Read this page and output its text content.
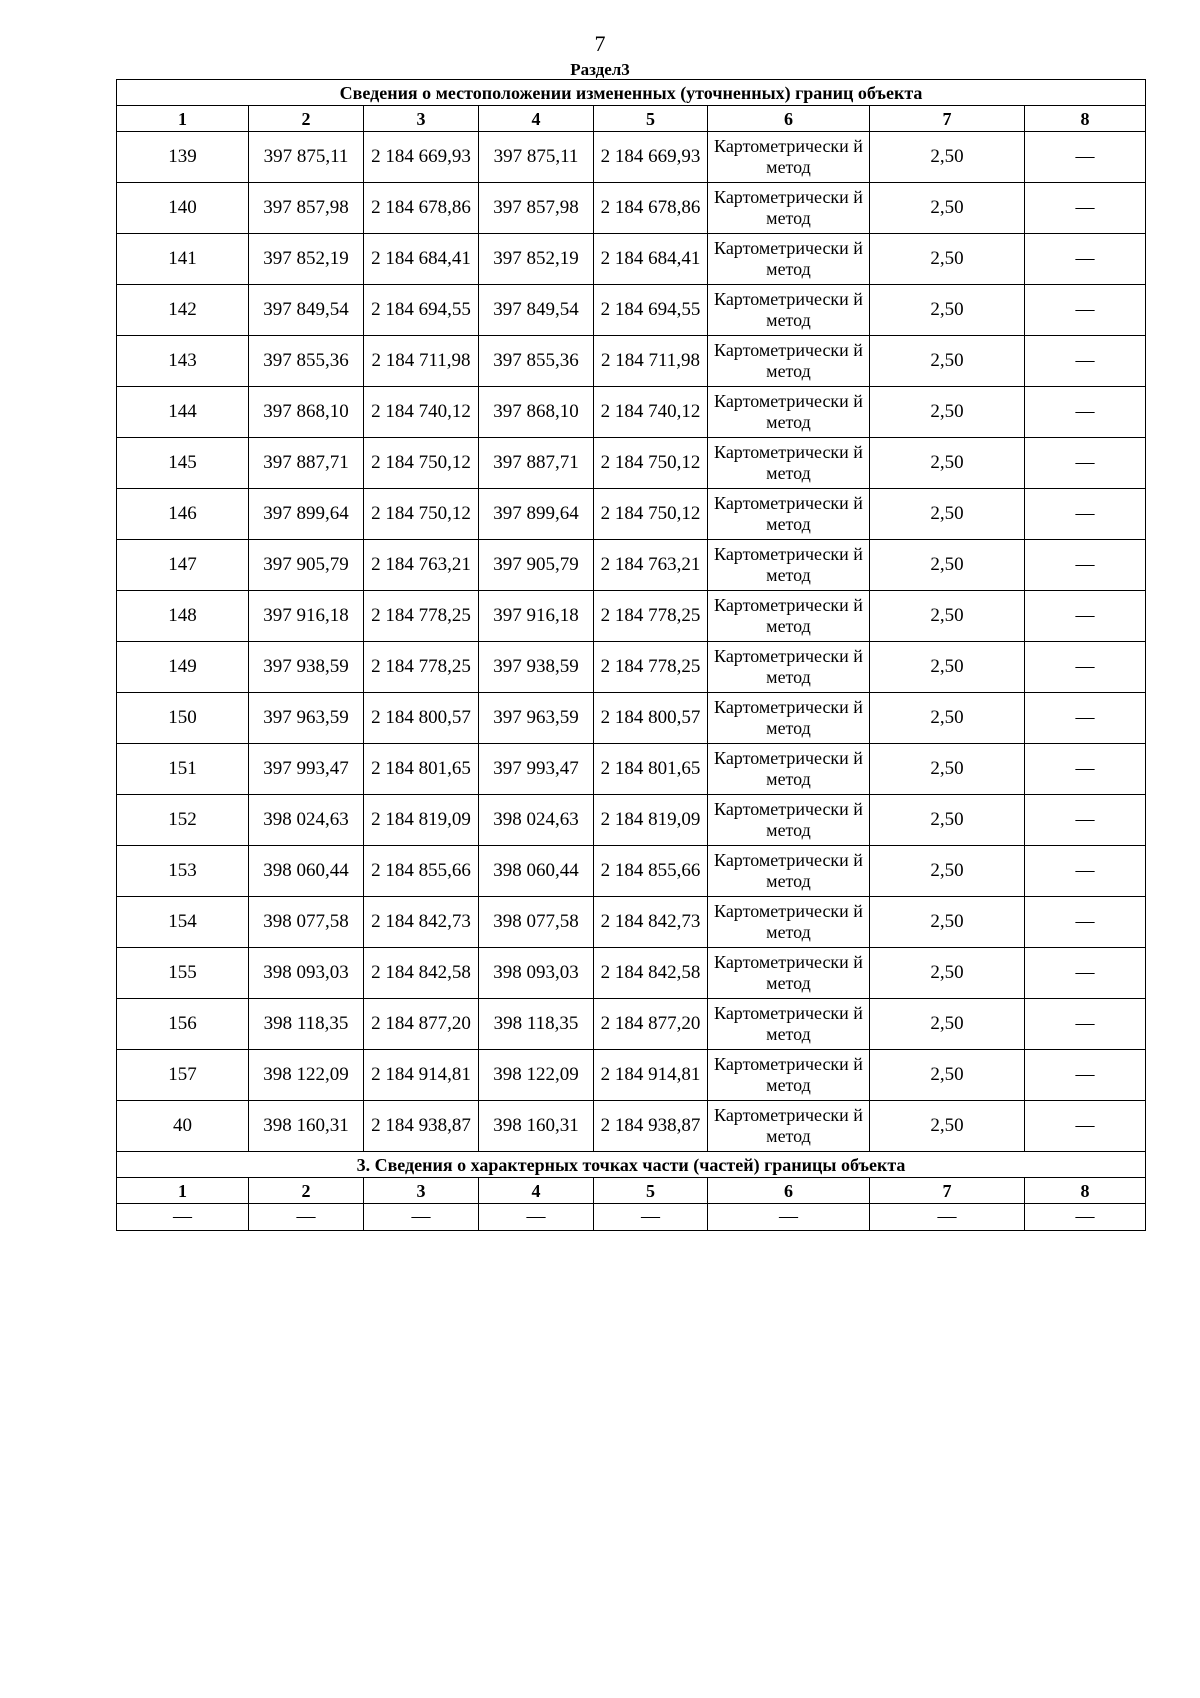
7
Раздел3
Сведения о местоположении измененных (уточненных) границ объекта							
1	2	3	4	5	6	7	8
139	397 875,11	2 184 669,93	397 875,11	2 184 669,93	Картометрически й метод	2,50	—
140	397 857,98	2 184 678,86	397 857,98	2 184 678,86	Картометрически й метод	2,50	—
141	397 852,19	2 184 684,41	397 852,19	2 184 684,41	Картометрически й метод	2,50	—
142	397 849,54	2 184 694,55	397 849,54	2 184 694,55	Картометрически й метод	2,50	—
143	397 855,36	2 184 711,98	397 855,36	2 184 711,98	Картометрически й метод	2,50	—
144	397 868,10	2 184 740,12	397 868,10	2 184 740,12	Картометрически й метод	2,50	—
145	397 887,71	2 184 750,12	397 887,71	2 184 750,12	Картометрически й метод	2,50	—
146	397 899,64	2 184 750,12	397 899,64	2 184 750,12	Картометрически й метод	2,50	—
147	397 905,79	2 184 763,21	397 905,79	2 184 763,21	Картометрически й метод	2,50	—
148	397 916,18	2 184 778,25	397 916,18	2 184 778,25	Картометрически й метод	2,50	—
149	397 938,59	2 184 778,25	397 938,59	2 184 778,25	Картометрически й метод	2,50	—
150	397 963,59	2 184 800,57	397 963,59	2 184 800,57	Картометрически й метод	2,50	—
151	397 993,47	2 184 801,65	397 993,47	2 184 801,65	Картометрически й метод	2,50	—
152	398 024,63	2 184 819,09	398 024,63	2 184 819,09	Картометрически й метод	2,50	—
153	398 060,44	2 184 855,66	398 060,44	2 184 855,66	Картометрически й метод	2,50	—
154	398 077,58	2 184 842,73	398 077,58	2 184 842,73	Картометрически й метод	2,50	—
155	398 093,03	2 184 842,58	398 093,03	2 184 842,58	Картометрически й метод	2,50	—
156	398 118,35	2 184 877,20	398 118,35	2 184 877,20	Картометрически й метод	2,50	—
157	398 122,09	2 184 914,81	398 122,09	2 184 914,81	Картометрически й метод	2,50	—
40	398 160,31	2 184 938,87	398 160,31	2 184 938,87	Картометрически й метод	2,50	—
3. Сведения о характерных точках части (частей) границы объекта							
1	2	3	4	5	6	7	8
—	—	—	—	—	—	—	—
